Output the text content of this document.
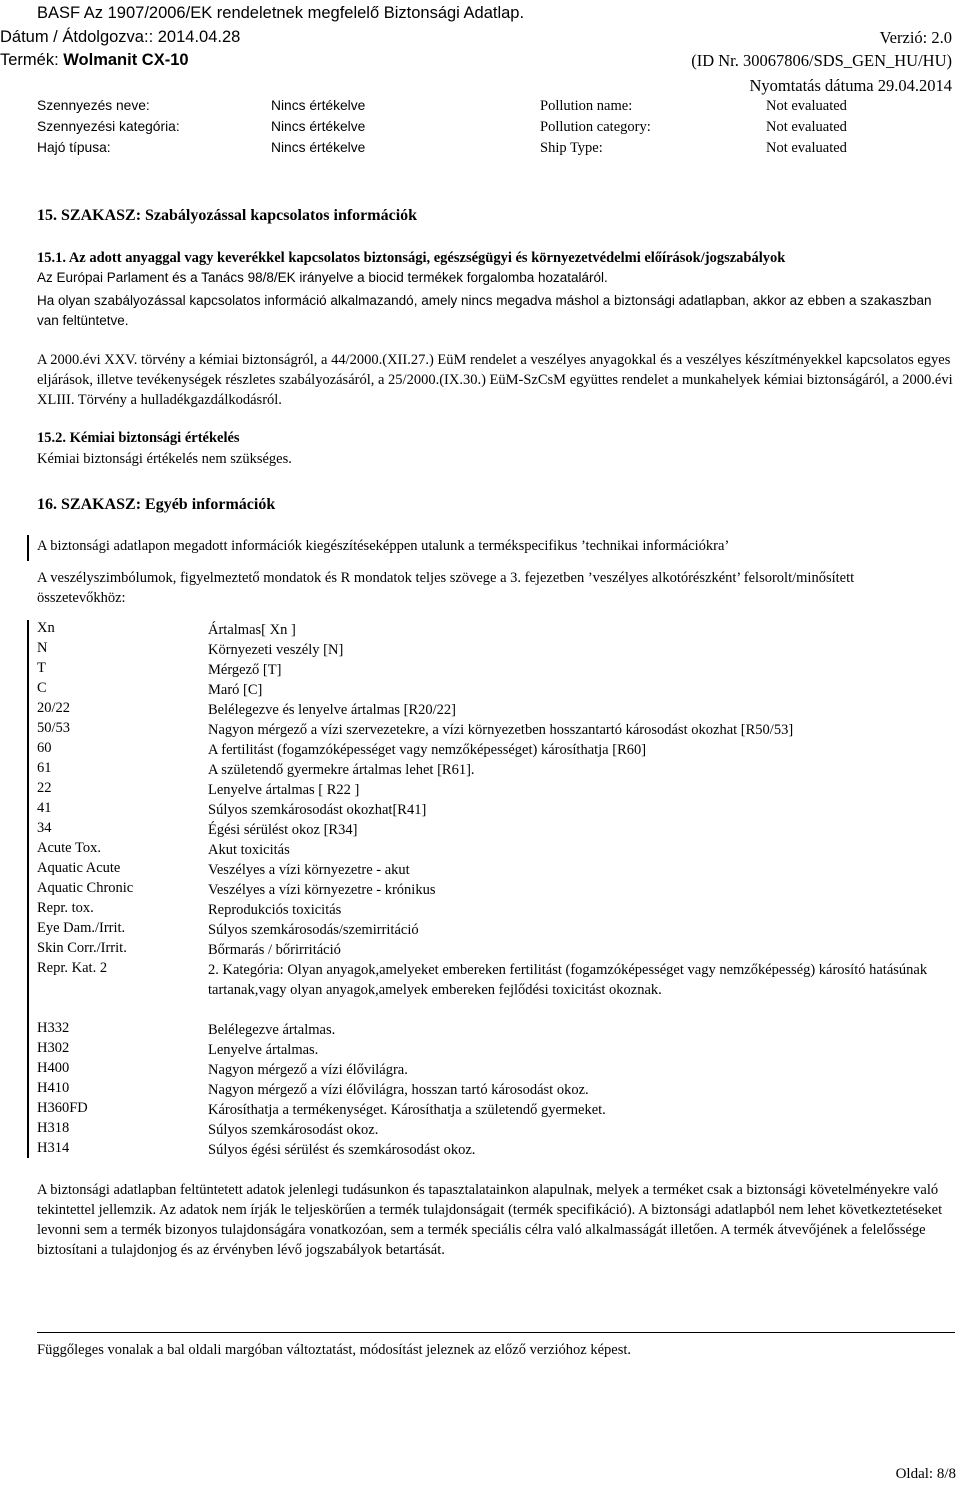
BASF Az 1907/2006/EK rendeletnek megfelelő Biztonsági Adatlap.
Dátum / Átdolgozva:: 2014.04.28	Verzió: 2.0
Termék: Wolmanit CX-10	(ID Nr. 30067806/SDS_GEN_HU/HU)
Nyomtatás dátuma 29.04.2014
Szennyezés neve:	Nincs értékelve	Pollution name:	Not evaluated
Szennyezési kategória:	Nincs értékelve	Pollution category:	Not evaluated
Hajó típusa:	Nincs értékelve	Ship Type:	Not evaluated
15. SZAKASZ: Szabályozással kapcsolatos információk
15.1. Az adott anyaggal vagy keverékkel kapcsolatos biztonsági, egészségügyi és környezetvédelmi előírások/jogszabályok
Az Európai Parlament és a Tanács 98/8/EK irányelve a biocid termékek forgalomba hozataláról.
Ha olyan szabályozással kapcsolatos információ alkalmazandó, amely nincs megadva máshol a biztonsági adatlapban, akkor az ebben a szakaszban van feltüntetve.
A 2000.évi XXV. törvény a kémiai biztonságról, a 44/2000.(XII.27.) EüM rendelet a veszélyes anyagokkal és a veszélyes készítményekkel kapcsolatos egyes eljárások, illetve tevékenységek részletes szabályozásáról, a 25/2000.(IX.30.) EüM-SzCsM együttes rendelet a munkahelyek kémiai biztonságáról, a 2000.évi XLIII. Törvény a hulladékgazdálkodásról.
15.2. Kémiai biztonsági értékelés
Kémiai biztonsági értékelés nem szükséges.
16. SZAKASZ: Egyéb információk
A biztonsági adatlapon megadott információk kiegészítéseképpen utalunk a termékspecifikus ’technikai információkra’
A veszélyszimbólumok, figyelmeztető mondatok és R mondatok teljes szövege a 3. fejezetben ’veszélyes alkotórészként’ felsorolt/minősített összetevőkhöz:
Xn	Ártalmas[ Xn ]
N	Környezeti veszély [N]
T	Mérgező [T]
C	Maró [C]
20/22	Belélegezve és lenyelve ártalmas [R20/22]
50/53	Nagyon mérgező a vízi szervezetekre, a vízi környezetben hosszantartó károsodást okozhat [R50/53]
60	A fertilitást (fogamzóképességet vagy nemzőképességet) károsíthatja [R60]
61	A születendő gyermekre ártalmas lehet [R61].
22	Lenyelve ártalmas [ R22 ]
41	Súlyos szemkárosodást okozhat[R41]
34	Égési sérülést okoz [R34]
Acute Tox.	Akut toxicitás
Aquatic Acute	Veszélyes a vízi környezetre - akut
Aquatic Chronic	Veszélyes a vízi környezetre - krónikus
Repr. tox.	Reprodukciós toxicitás
Eye Dam./Irrit.	Súlyos szemkárosodás/szemirritáció
Skin Corr./Irrit.	Bőrmarás / bőrirritáció
Repr. Kat. 2	2. Kategória: Olyan anyagok,amelyeket embereken fertilitást (fogamzóképességet vagy nemzőképesség) károsító hatásúnak tartanak,vagy olyan anyagok,amelyek embereken fejlődési toxicitást okoznak.
H332	Belélegezve ártalmas.
H302	Lenyelve ártalmas.
H400	Nagyon mérgező a vízi élővilágra.
H410	Nagyon mérgező a vízi élővilágra, hosszan tartó károsodást okoz.
H360FD	Károsíthatja a termékenységet. Károsíthatja a születendő gyermeket.
H318	Súlyos szemkárosodást okoz.
H314	Súlyos égési sérülést és szemkárosodást okoz.
A biztonsági adatlapban feltüntetett adatok jelenlegi tudásunkon és tapasztalatainkon alapulnak, melyek a terméket csak a biztonsági követelményekre való tekintettel jellemzik. Az adatok nem írják le teljeskörűen a termék tulajdonságait (termék specifikáció). A biztonsági adatlapból nem lehet következtetéseket levonni sem a termék bizonyos tulajdonságára vonatkozóan, sem a termék speciális célra való alkalmasságát illetően. A termék átvevőjének a felelőssége biztosítani a tulajdonjog és az érvényben lévő jogszabályok betartását.
Függőleges vonalak a bal oldali margóban változtatást, módosítást jeleznek az előző verzióhoz képest.
Oldal: 8/8
